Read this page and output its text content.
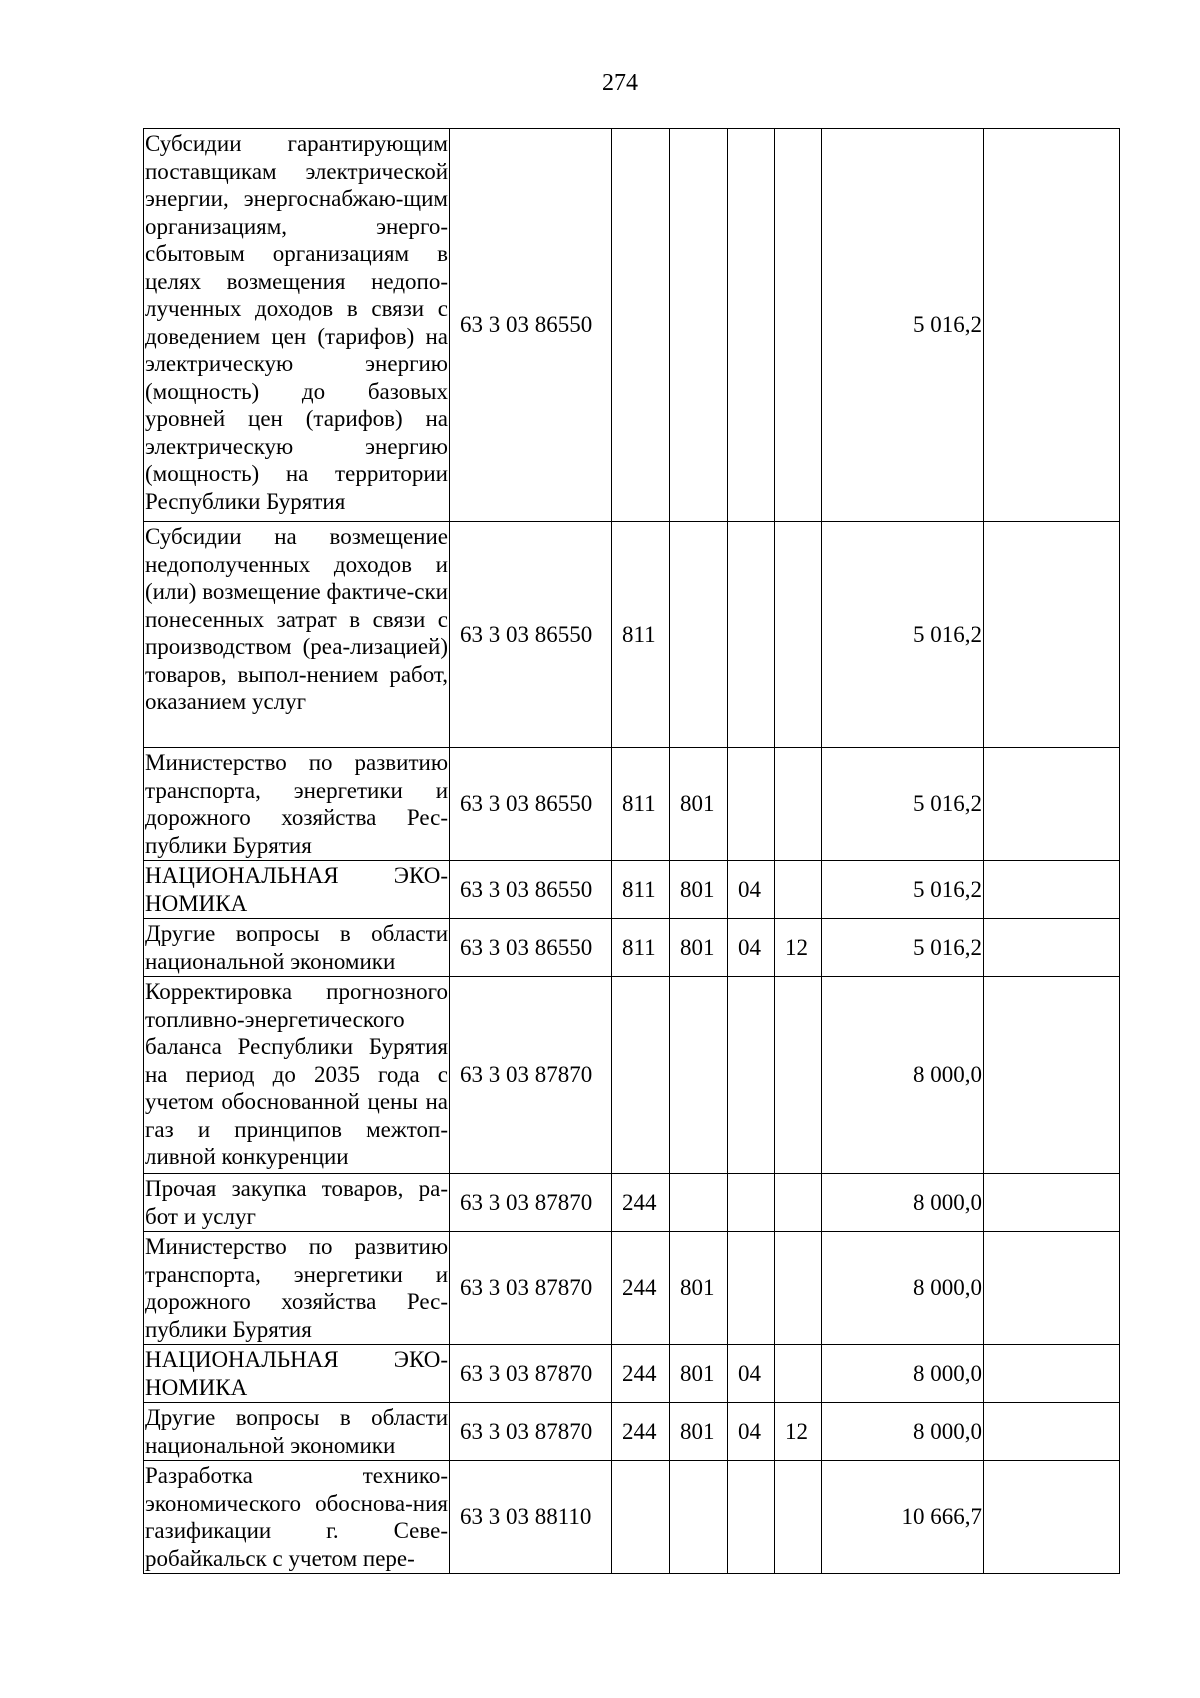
274
Субсидии гарантирующим поставщикам электрической энергии, энергоснабжаю-щим организациям, энерго-сбытовым организациям в целях возмещения недопо-лученных доходов в связи с доведением цен (тарифов) на электрическую энергию (мощность) до базовых уровней цен (тарифов) на электрическую энергию (мощность) на территории Республики Бурятия	63 3 03 86550					5 016,2	
Субсидии на возмещение недополученных доходов и (или) возмещение фактиче-ски понесенных затрат в связи с производством (реа-лизацией) товаров, выпол-нением работ, оказанием услуг	63 3 03 86550	811				5 016,2	
Министерство по развитию транспорта, энергетики и дорожного хозяйства Рес-публики Бурятия	63 3 03 86550	811	801			5 016,2	
НАЦИОНАЛЬНАЯ ЭКО-НОМИКА	63 3 03 86550	811	801	04		5 016,2	
Другие вопросы в области национальной экономики	63 3 03 86550	811	801	04	12	5 016,2	
Корректировка прогнозного топливно-энергетического баланса Республики Бурятия на период до 2035 года с учетом обоснованной цены на газ и принципов межтоп-ливной конкуренции	63 3 03 87870					8 000,0	
Прочая закупка товаров, ра-бот и услуг	63 3 03 87870	244				8 000,0	
Министерство по развитию транспорта, энергетики и дорожного хозяйства Рес-публики Бурятия	63 3 03 87870	244	801			8 000,0	
НАЦИОНАЛЬНАЯ ЭКО-НОМИКА	63 3 03 87870	244	801	04		8 000,0	
Другие вопросы в области национальной экономики	63 3 03 87870	244	801	04	12	8 000,0	
Разработка технико-экономического обоснова-ния газификации г. Севе-робайкальск с учетом пере-	63 3 03 88110					10 666,7	
